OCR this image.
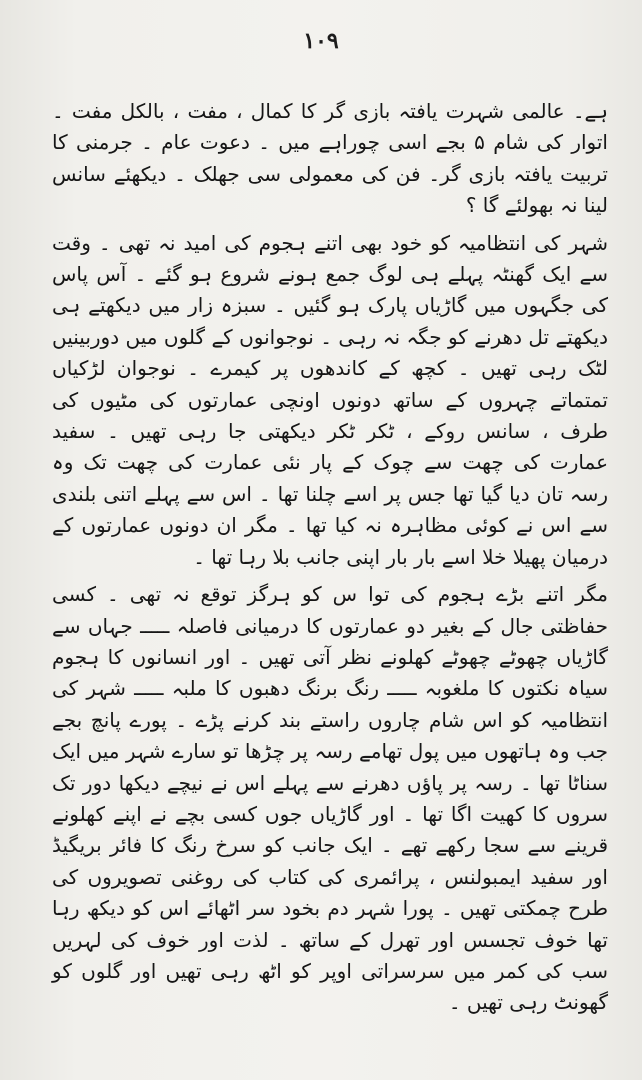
۱۰۹

ہے۔ عالمی شہرت یافتہ بازی گر کا کمال ، مفت ، بالکل مفت ۔ اتوار کی شام ۵ بجے اسی چوراہے میں ۔ دعوت عام ۔ جرمنی کا تربیت یافتہ بازی گر۔ فن کی معمولی سی جھلک ۔ دیکھئے سانس لینا نہ بھولئے گا ؟

شہر کی انتظامیہ کو خود بھی اتنے ہجوم کی امید نہ تھی ۔ وقت سے ایک گھنٹہ پہلے ہی لوگ جمع ہونے شروع ہو گئے ۔ آس پاس کی جگہوں میں گاڑیاں پارک ہو گئیں ۔ سبزہ زار میں دیکھتے ہی دیکھتے تل دھرنے کو جگہ نہ رہی ۔ نوجوانوں کے گلوں میں دوربینیں لٹک رہی تھیں ۔ کچھ کے کاندھوں پر کیمرے ۔ نوجوان لڑکیاں تمتماتے چہروں کے ساتھ دونوں اونچی عمارتوں کی مٹیوں کی طرف ، سانس روکے ، ٹکر ٹکر دیکھتی جا رہی تھیں ۔ سفید عمارت کی چھت سے چوک کے پار نئی عمارت کی چھت تک وہ رسہ تان دیا گیا تھا جس پر اسے چلنا تھا ۔ اس سے پہلے اتنی بلندی سے اس نے کوئی مظاہرہ نہ کیا تھا ۔ مگر ان دونوں عمارتوں کے درمیان پھیلا خلا اسے بار بار اپنی جانب بلا رہا تھا ۔

مگر اتنے بڑے ہجوم کی توا س کو ہرگز توقع نہ تھی ۔ کسی حفاظتی جال کے بغیر دو عمارتوں کا درمیانی فاصلہ ـــــ جہاں سے گاڑیاں چھوٹے چھوٹے کھلونے نظر آتی تھیں ۔ اور انسانوں کا ہجوم سیاہ نکتوں کا ملغوبہ ـــــ رنگ برنگ دھبوں کا ملبہ ـــــ شہر کی انتظامیہ کو اس شام چاروں راستے بند کرنے پڑے ۔ پورے پانچ بجے جب وہ ہاتھوں میں پول تھامے رسہ پر چڑھا تو سارے شہر میں ایک سناٹا تھا ۔ رسہ پر پاؤں دھرنے سے پہلے اس نے نیچے دیکھا دور تک سروں کا کھیت اگا تھا ۔ اور گاڑیاں جوں کسی بچے نے اپنے کھلونے قرینے سے سجا رکھے تھے ۔ ایک جانب کو سرخ رنگ کا فائر بریگیڈ اور سفید ایمبولنس ، پرائمری کی کتاب کی روغنی تصویروں کی طرح چمکتی تھیں ۔ پورا شہر دم بخود سر اٹھائے اس کو دیکھ رہا تھا خوف تجسس اور تھرل کے ساتھ ۔ لذت اور خوف کی لہریں سب کی کمر میں سرسراتی اوپر کو اٹھ رہی تھیں اور گلوں کو گھونٹ رہی تھیں ۔
